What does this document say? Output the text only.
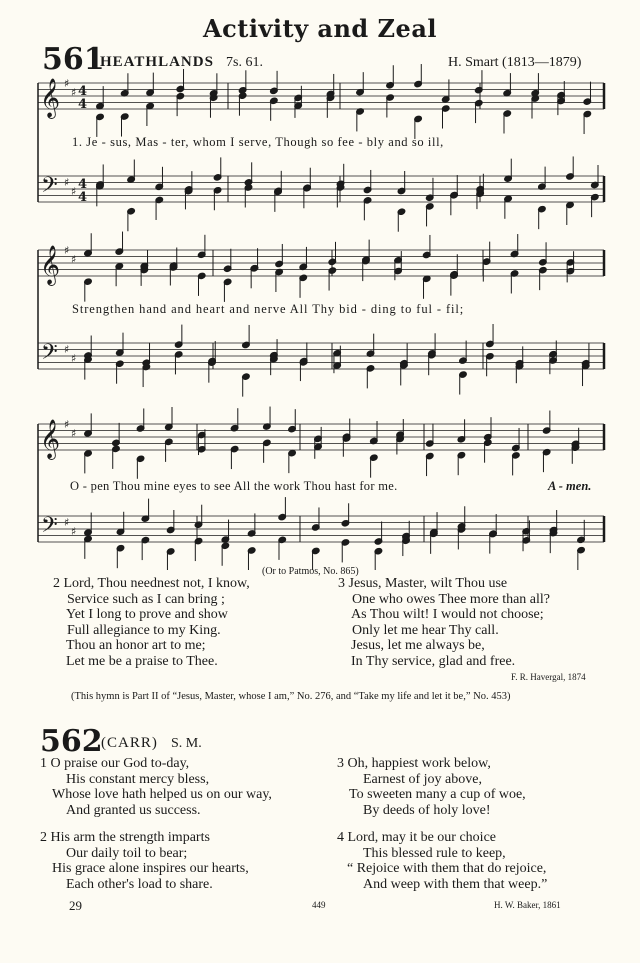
Activity and Zeal
561
HEATHLANDS 7s. 61.	H. Smart (1813—1879)
𝄞
𝄢
♯
♯
♯
♯
4
4
4
4
𝄞
𝄢
♯
♯
♯
♯
𝄞
𝄢
♯
♯
♯
♯
1. Je - sus, Mas - ter, whom I serve, Though so fee - bly and so ill,
Strengthen hand and heart and nerve All Thy bid - ding to ful - fil;
O - pen Thou mine eyes to see All the work Thou hast for me.	A - men.
(Or to Patmos, No. 865)
2 Lord, Thou neednest not, I know,
Service such as I can bring ;
Yet I long to prove and show
Full allegiance to my King.
Thou an honor art to me;
Let me be a praise to Thee.
3 Jesus, Master, wilt Thou use
One who owes Thee more than all?
As Thou wilt! I would not choose;
Only let me hear Thy call.
Jesus, let me always be,
In Thy service, glad and free.
F. R. Havergal, 1874
(This hymn is Part II of “Jesus, Master, whose I am,” No. 276, and “Take my life and let it be,” No. 453)
562
(CARR) S. M.
1 O praise our God to-day,
His constant mercy bless,
Whose love hath helped us on our way,
And granted us success.
2 His arm the strength imparts
Our daily toil to bear;
His grace alone inspires our hearts,
Each other's load to share.
3 Oh, happiest work below,
Earnest of joy above,
To sweeten many a cup of woe,
By deeds of holy love!
4 Lord, may it be our choice
This blessed rule to keep,
“ Rejoice with them that do rejoice,
And weep with them that weep.”
29	449	H. W. Baker, 1861
